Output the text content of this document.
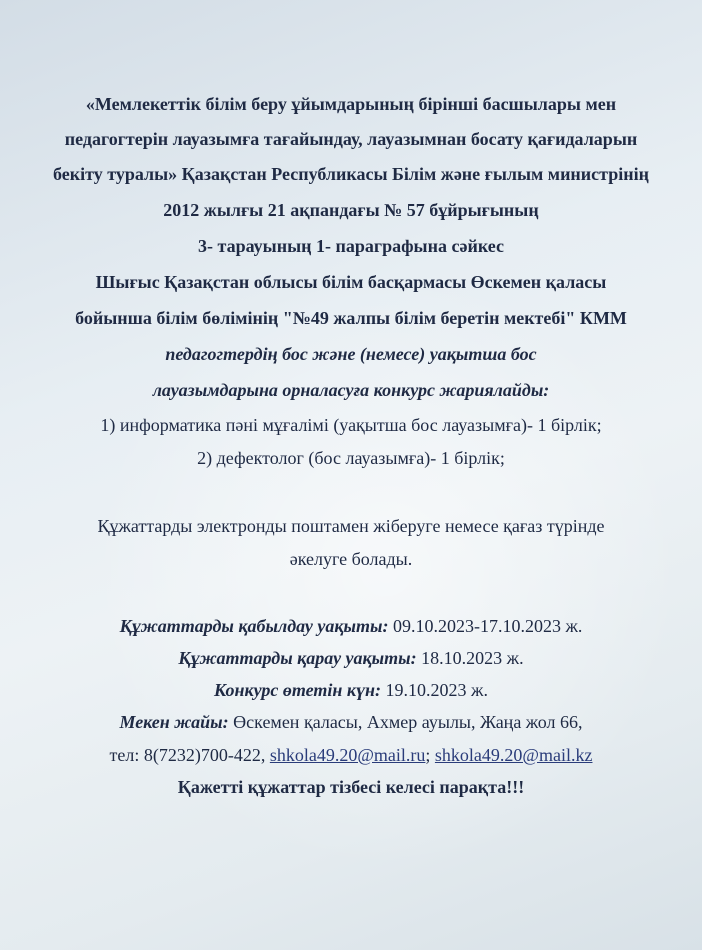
«Мемлекеттік білім беру ұйымдарының бірінші басшылары мен
педагогтерін лауазымға тағайындау, лауазымнан босату қағидаларын
бекіту туралы» Қазақстан Республикасы Білім және ғылым министрінің
2012 жылғы 21 ақпандағы № 57 бұйрығының
3- тарауының 1- параграфына сәйкес
Шығыс Қазақстан облысы білім басқармасы Өскемен қаласы
бойынша білім бөлімінің "№49 жалпы білім беретін мектебі" КММ
педагогтердің бос және (немесе) уақытша бос
лауазымдарына орналасуға конкурс жариялайды:
1) информатика пәні мұғалімі (уақытша бос лауазымға)- 1 бірлік;
2) дефектолог (бос лауазымға)- 1 бірлік;
Құжаттарды электронды поштамен жіберуге немесе қағаз түрінде
әкелуге болады.
Құжаттарды қабылдау уақыты: 09.10.2023-17.10.2023 ж.
Құжаттарды қарау уақыты: 18.10.2023 ж.
Конкурс өтетін күн: 19.10.2023 ж.
Мекен жайы: Өскемен қаласы, Ахмер ауылы, Жаңа жол 66,
тел: 8(7232)700-422, shkola49.20@mail.ru; shkola49.20@mail.kz
Қажетті құжаттар тізбесі келесі парақта!!!
